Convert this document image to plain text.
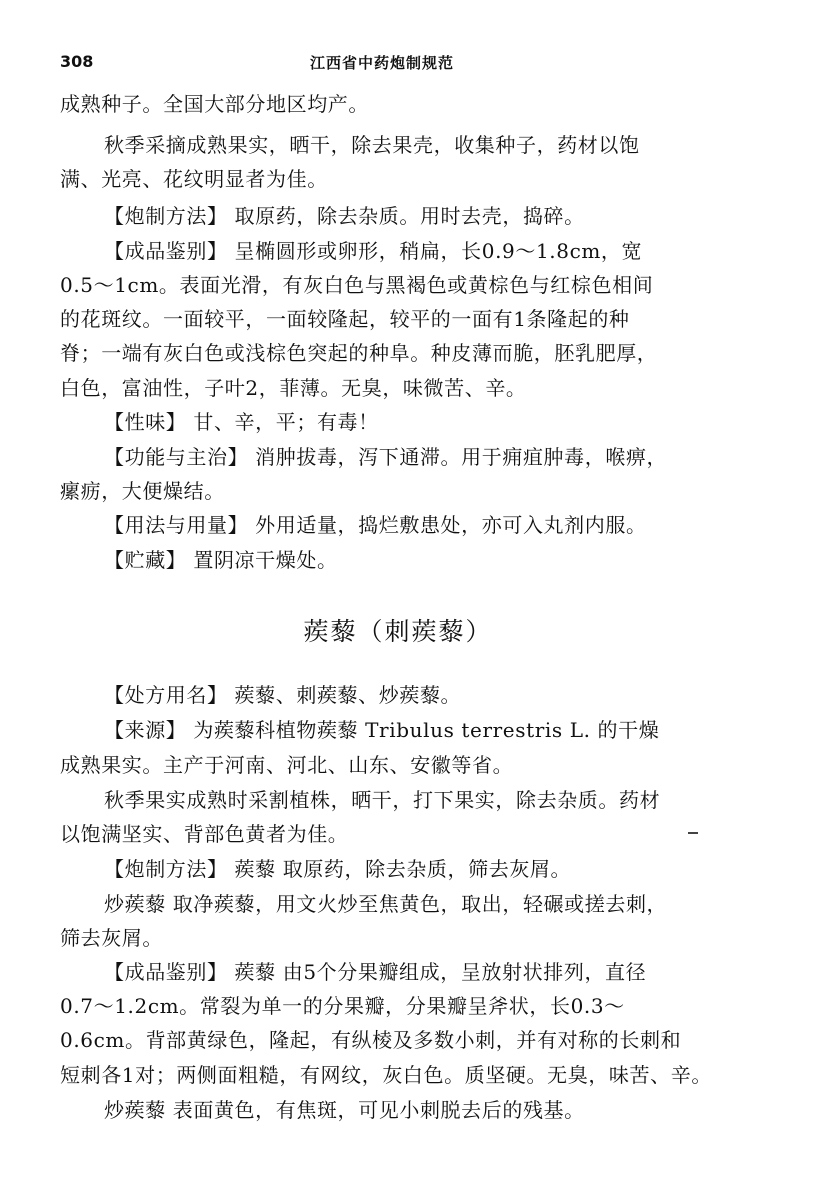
308	江西省中药炮制规范
成熟种子。全国大部分地区均产。
秋季采摘成熟果实，晒干，除去果壳，收集种子，药材以饱
满、光亮、花纹明显者为佳。
【炮制方法】 取原药，除去杂质。用时去壳，捣碎。
【成品鉴别】 呈椭圆形或卵形，稍扁，长0.9～1.8cm，宽
0.5～1cm。表面光滑，有灰白色与黑褐色或黄棕色与红棕色相间
的花斑纹。一面较平，一面较隆起，较平的一面有1条隆起的种
脊；一端有灰白色或浅棕色突起的种阜。种皮薄而脆，胚乳肥厚，
白色，富油性，子叶2，菲薄。无臭，味微苦、辛。
【性味】 甘、辛，平；有毒！
【功能与主治】 消肿拔毒，泻下通滞。用于痈疽肿毒，喉痹，
瘰疬，大便燥结。
【用法与用量】 外用适量，捣烂敷患处，亦可入丸剂内服。
【贮藏】 置阴凉干燥处。
蒺藜（刺蒺藜）
【处方用名】 蒺藜、刺蒺藜、炒蒺藜。
【来源】 为蒺藜科植物蒺藜 Tribulus terrestris L. 的干燥
成熟果实。主产于河南、河北、山东、安徽等省。
秋季果实成熟时采割植株，晒干，打下果实，除去杂质。药材
以饱满坚实、背部色黄者为佳。
【炮制方法】 蒺藜 取原药，除去杂质，筛去灰屑。
炒蒺藜 取净蒺藜，用文火炒至焦黄色，取出，轻碾或搓去刺，
筛去灰屑。
【成品鉴别】 蒺藜 由5个分果瓣组成，呈放射状排列，直径
0.7～1.2cm。常裂为单一的分果瓣，分果瓣呈斧状，长0.3～
0.6cm。背部黄绿色，隆起，有纵棱及多数小刺，并有对称的长刺和
短刺各1对；两侧面粗糙，有网纹，灰白色。质坚硬。无臭，味苦、辛。
炒蒺藜 表面黄色，有焦斑，可见小刺脱去后的残基。
